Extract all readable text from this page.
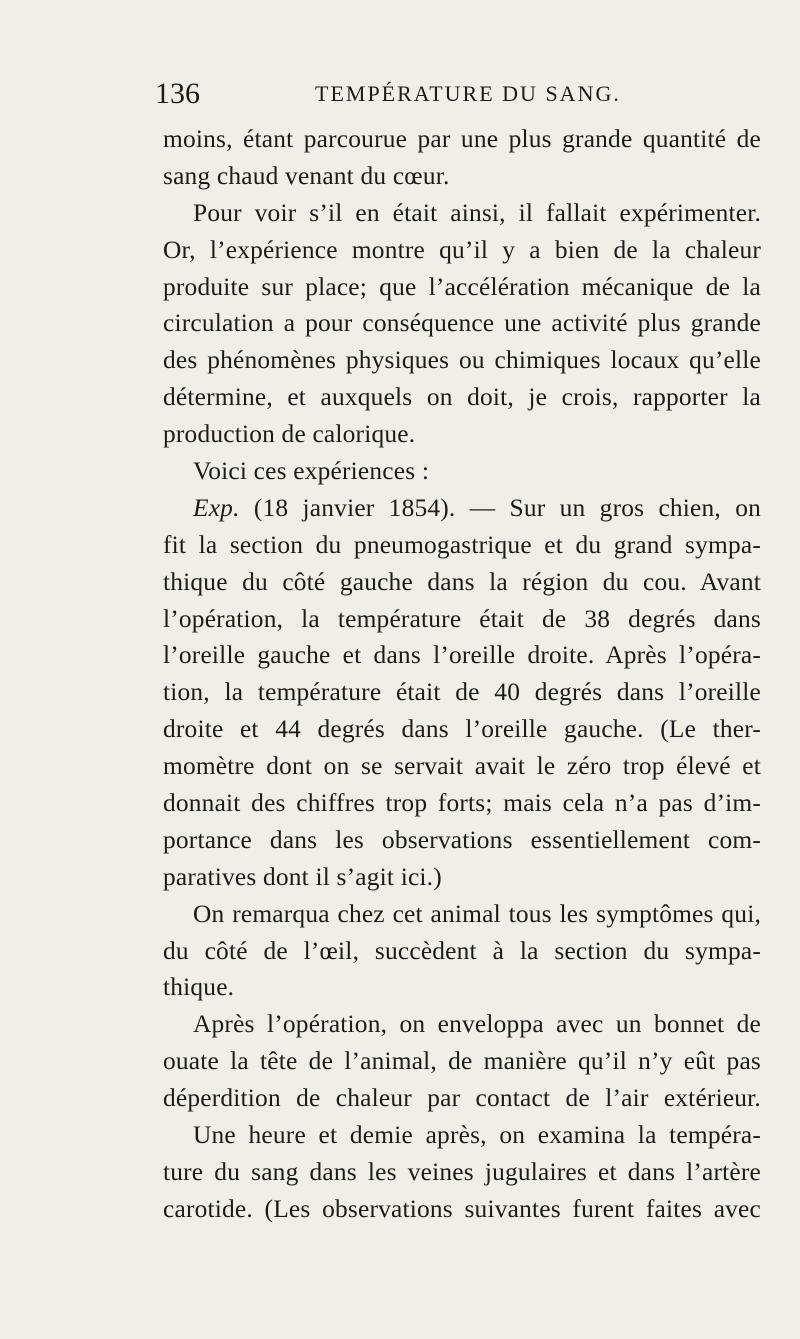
136	TEMPÉRATURE DU SANG.
moins, étant parcourue par une plus grande quantité de
sang chaud venant du cœur.
Pour voir s’il en était ainsi, il fallait expérimenter.
Or, l’expérience montre qu’il y a bien de la chaleur
produite sur place; que l’accélération mécanique de la
circulation a pour conséquence une activité plus grande
des phénomènes physiques ou chimiques locaux qu’elle
détermine, et auxquels on doit, je crois, rapporter la
production de calorique.
Voici ces expériences :
Exp. (18 janvier 1854). — Sur un gros chien, on
fit la section du pneumogastrique et du grand sympa-
thique du côté gauche dans la région du cou. Avant
l’opération, la température était de 38 degrés dans
l’oreille gauche et dans l’oreille droite. Après l’opéra-
tion, la température était de 40 degrés dans l’oreille
droite et 44 degrés dans l’oreille gauche. (Le ther-
momètre dont on se servait avait le zéro trop élevé et
donnait des chiffres trop forts; mais cela n’a pas d’im-
portance dans les observations essentiellement com-
paratives dont il s’agit ici.)
On remarqua chez cet animal tous les symptômes qui,
du côté de l’œil, succèdent à la section du sympa-
thique.
Après l’opération, on enveloppa avec un bonnet de
ouate la tête de l’animal, de manière qu’il n’y eût pas
déperdition de chaleur par contact de l’air extérieur.
Une heure et demie après, on examina la tempéra-
ture du sang dans les veines jugulaires et dans l’artère
carotide. (Les observations suivantes furent faites avec
